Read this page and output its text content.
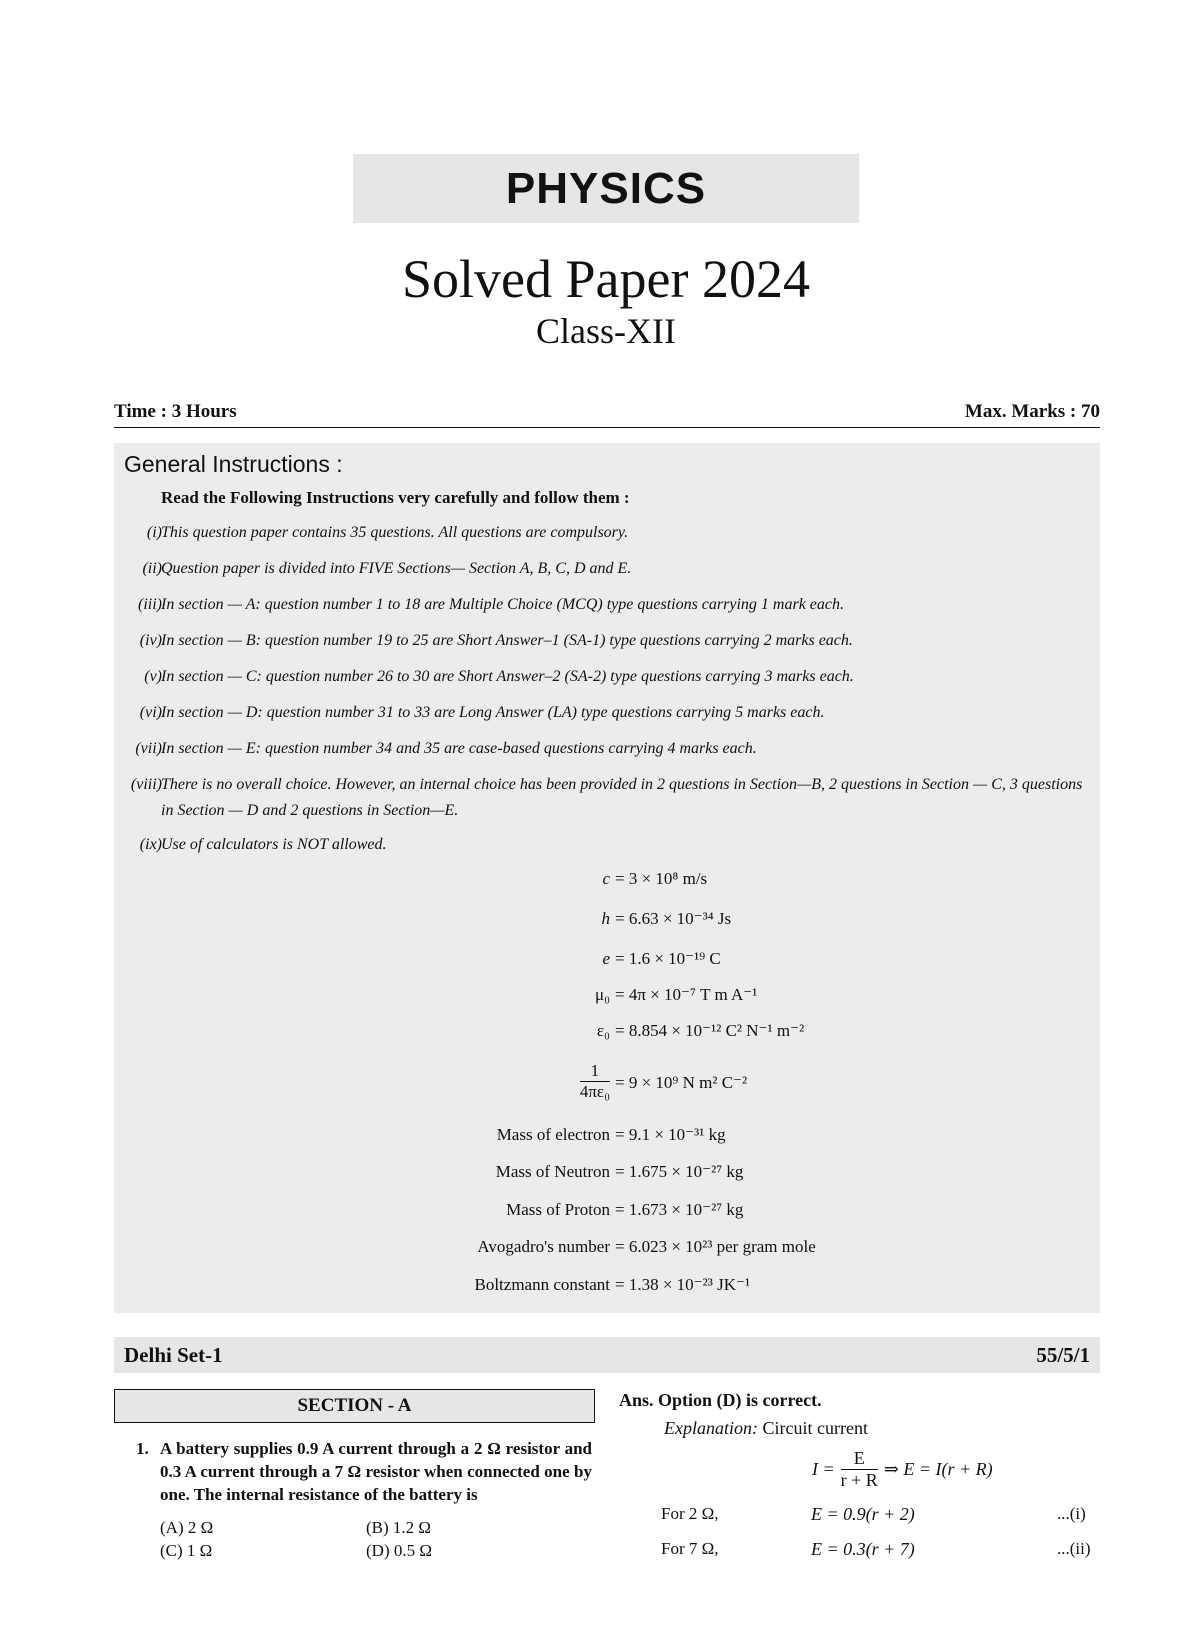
PHYSICS
Solved Paper 2024
Class-XII
Time : 3 Hours	Max. Marks : 70
General Instructions :
Read the Following Instructions very carefully and follow them :
(i) This question paper contains 35 questions. All questions are compulsory.
(ii) Question paper is divided into FIVE Sections— Section A, B, C, D and E.
(iii) In section — A: question number 1 to 18 are Multiple Choice (MCQ) type questions carrying 1 mark each.
(iv) In section — B: question number 19 to 25 are Short Answer–1 (SA-1) type questions carrying 2 marks each.
(v) In section — C: question number 26 to 30 are Short Answer–2 (SA-2) type questions carrying 3 marks each.
(vi) In section — D: question number 31 to 33 are Long Answer (LA) type questions carrying 5 marks each.
(vii) In section — E: question number 34 and 35 are case-based questions carrying 4 marks each.
(viii) There is no overall choice. However, an internal choice has been provided in 2 questions in Section—B, 2 questions in Section — C, 3 questions in Section — D and 2 questions in Section—E.
(ix) Use of calculators is NOT allowed.
c = 3 × 10⁸ m/s
h = 6.63 × 10⁻³⁴ Js
e = 1.6 × 10⁻¹⁹ C
μ₀ = 4π × 10⁻⁷ T m A⁻¹
ε₀ = 8.854 × 10⁻¹² C² N⁻¹ m⁻²
$\frac{1}{\text{4πε₀}} = 9 \times 10^9$ N m² C⁻²
Mass of electron = 9.1 × 10⁻³¹ kg
Mass of Neutron = 1.675 × 10⁻²⁷ kg
Mass of Proton = 1.673 × 10⁻²⁷ kg
Avogadro's number = 6.023 × 10²³ per gram mole
Boltzmann constant = 1.38 × 10⁻²³ JK⁻¹
Delhi Set-1	55/5/1
SECTION - A
1. A battery supplies 0.9 A current through a 2 Ω resistor and 0.3 A current through a 7 Ω resistor when connected one by one. The internal resistance of the battery is
(A) 2 Ω	(B) 1.2 Ω
(C) 1 Ω	(D) 0.5 Ω
Ans. Option (D) is correct.
Explanation: Circuit current
$I = \frac{E}{r + R}$ ⇒ E = I(r + R)
For 2 Ω,	E = 0.9(r + 2)	...(i)
For 7 Ω,	E = 0.3(r + 7)	...(ii)
